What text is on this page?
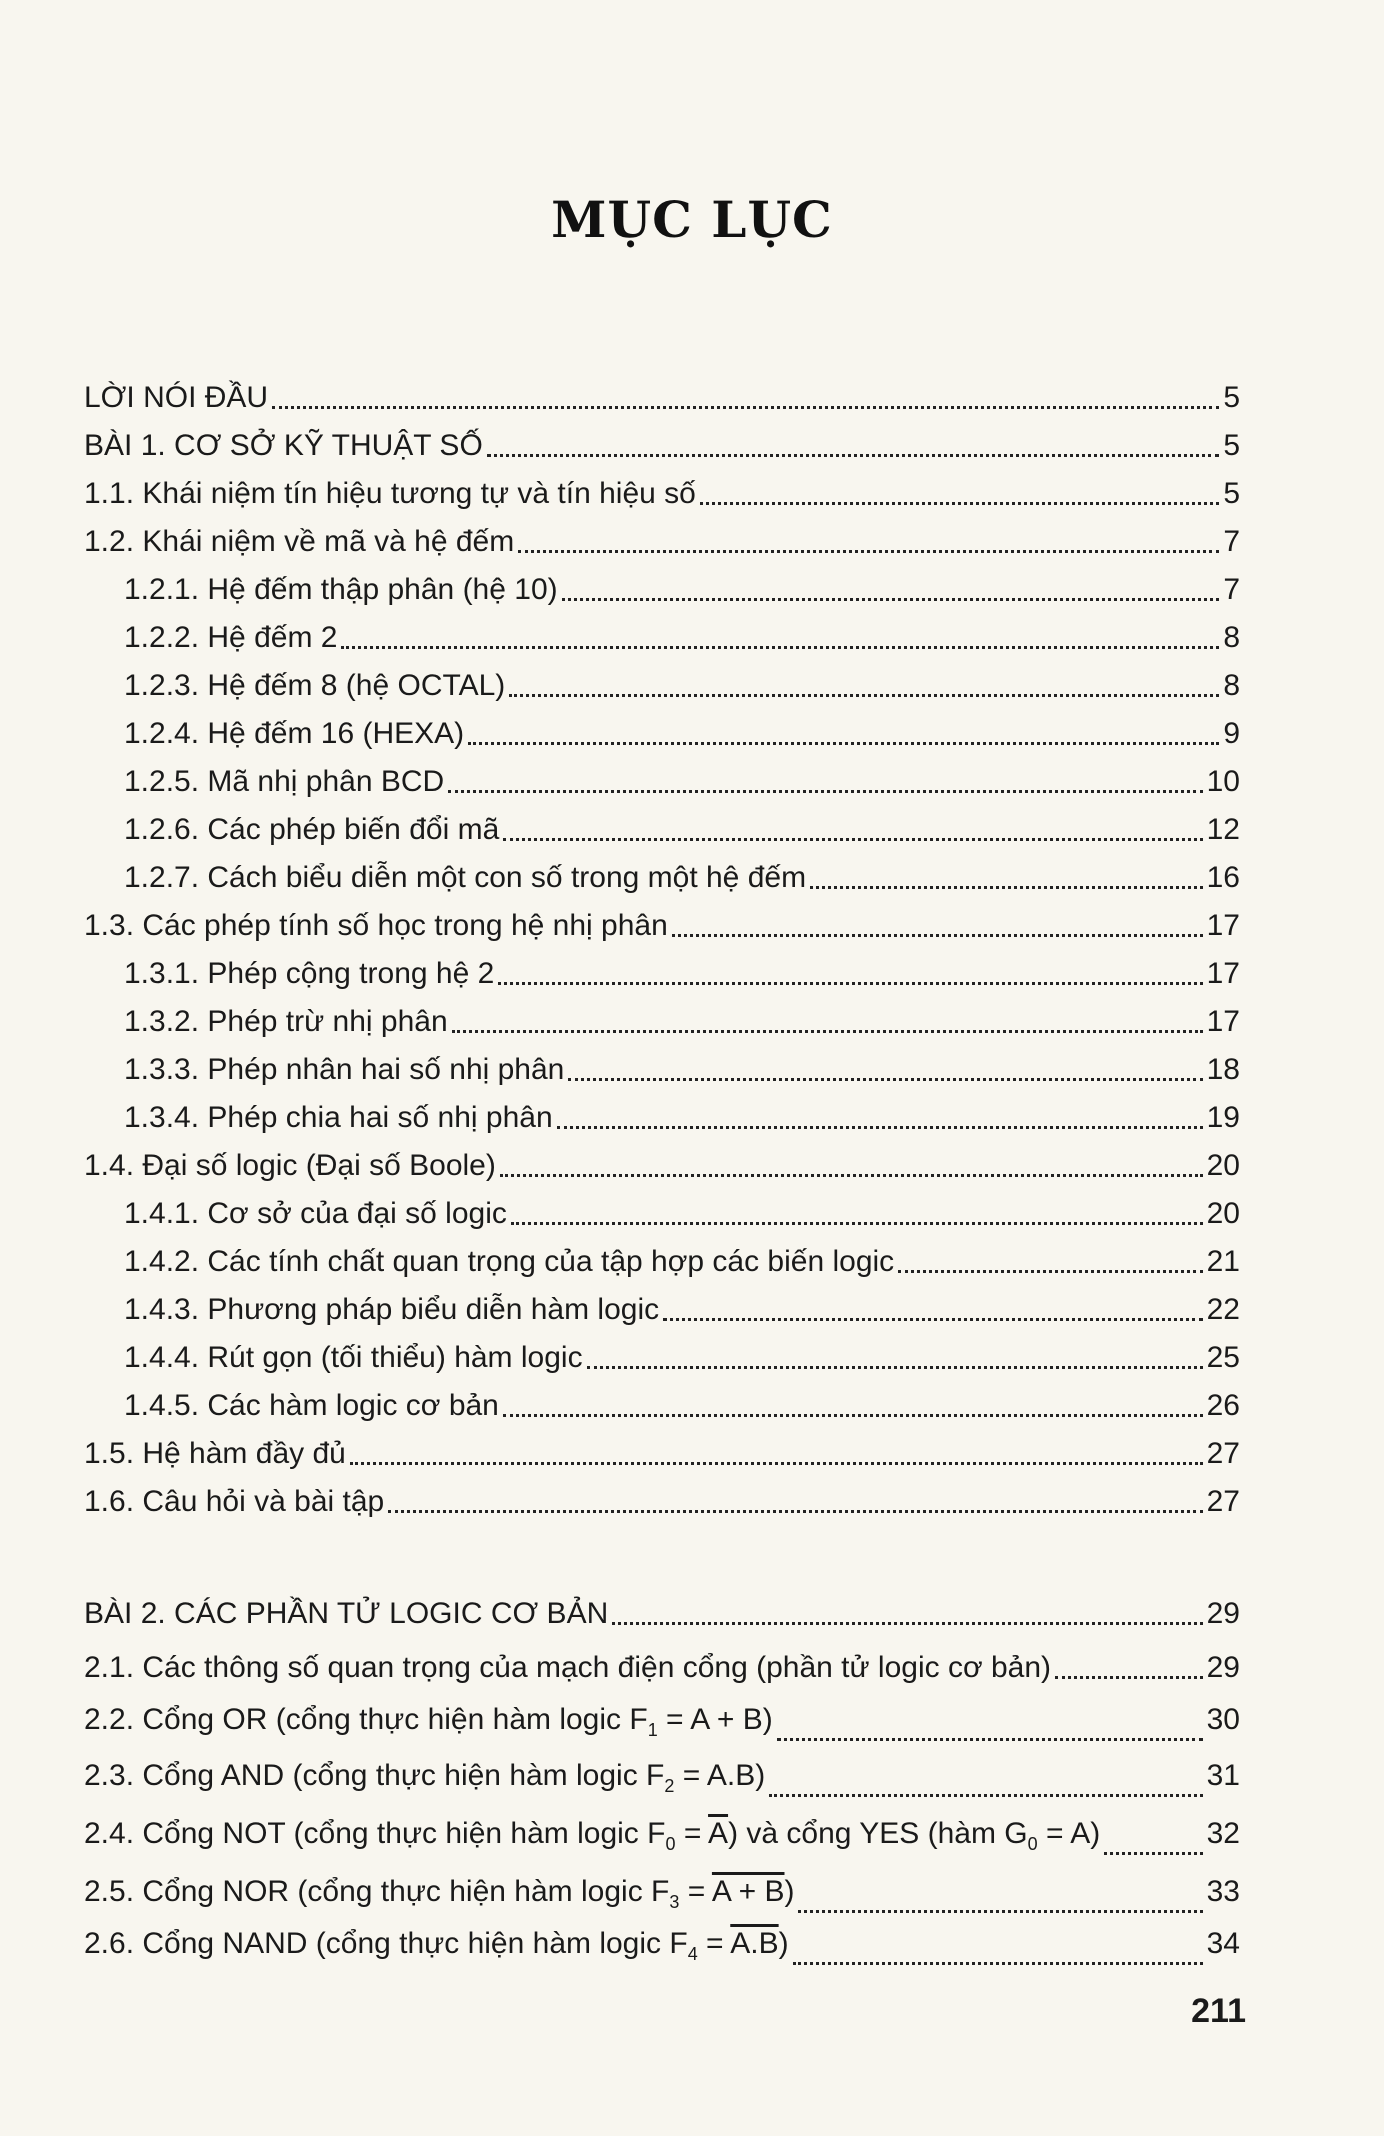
MỤC LỤC
LỜI NÓI ĐẦU	5
BÀI 1. CƠ SỞ KỸ THUẬT SỐ	5
1.1. Khái niệm tín hiệu tương tự và tín hiệu số	5
1.2. Khái niệm về mã và hệ đếm	7
1.2.1. Hệ đếm thập phân (hệ 10)	7
1.2.2. Hệ đếm 2	8
1.2.3. Hệ đếm 8 (hệ OCTAL)	8
1.2.4. Hệ đếm 16 (HEXA)	9
1.2.5. Mã nhị phân BCD	10
1.2.6. Các phép biến đổi mã	12
1.2.7. Cách biểu diễn một con số trong một hệ đếm	16
1.3. Các phép tính số học trong hệ nhị phân	17
1.3.1. Phép cộng trong hệ 2	17
1.3.2. Phép trừ nhị phân	17
1.3.3. Phép nhân hai số nhị phân	18
1.3.4. Phép chia hai số nhị phân	19
1.4. Đại số logic (Đại số Boole)	20
1.4.1. Cơ sở của đại số logic	20
1.4.2. Các tính chất quan trọng của tập hợp các biến logic	21
1.4.3. Phương pháp biểu diễn hàm logic	22
1.4.4. Rút gọn (tối thiểu) hàm logic	25
1.4.5. Các hàm logic cơ bản	26
1.5. Hệ hàm đầy đủ	27
1.6. Câu hỏi và bài tập	27
BÀI 2. CÁC PHẦN TỬ LOGIC CƠ BẢN	29
2.1. Các thông số quan trọng của mạch điện cổng (phần tử logic cơ bản)	29
2.2. Cổng OR (cổng thực hiện hàm logic $F_1 = A + B$)	30
2.3. Cổng AND (cổng thực hiện hàm logic $F_2 = A.B$)	31
2.4. Cổng NOT (cổng thực hiện hàm logic $F_0 = \overline{A}$) và cổng YES (hàm $G_0 = A$)	32
2.5. Cổng NOR (cổng thực hiện hàm logic $F_3 = A + B$)	33
2.6. Cổng NAND (cổng thực hiện hàm logic $F_4 = A.B$)	34
211
